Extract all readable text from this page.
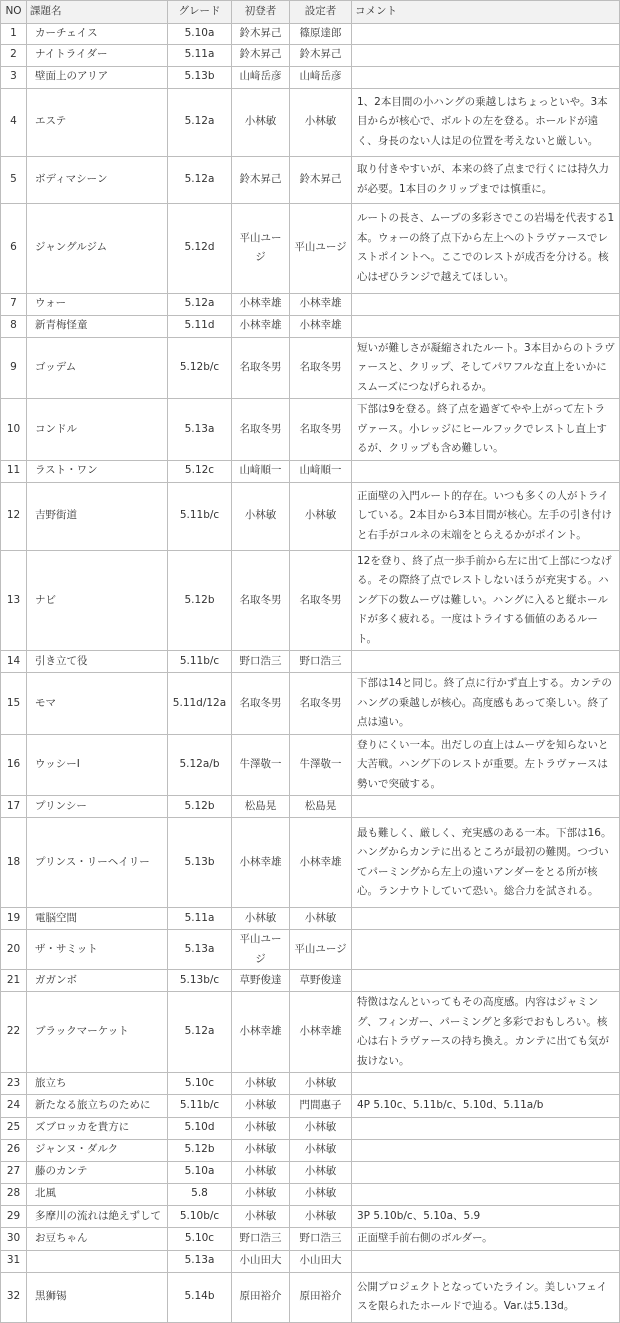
NO	課題名	グレード	初登者	設定者	コメント
1	カーチェイス	5.10a	鈴木昇己	篠原達郎	
2	ナイトライダー	5.11a	鈴木昇己	鈴木昇己	
3	壁面上のアリア	5.13b	山﨑岳彦	山﨑岳彦	
4	エステ	5.12a	小林敏	小林敏	1、2本目間の小ハングの乗越しはちょっといや。3本目からが核心で、ボルトの左を登る。ホールドが遠く、身長のない人は足の位置を考えないと厳しい。
5	ボディマシーン	5.12a	鈴木昇己	鈴木昇己	取り付きやすいが、本来の終了点まで行くには持久力が必要。1本目のクリップまでは慎重に。
6	ジャングルジム	5.12d	平山ユージ	平山ユージ	ルートの長さ、ムーブの多彩さでこの岩場を代表する1本。ウォーの終了点下から左上へのトラヴァースでレストポイントへ。ここでのレストが成否を分ける。核心はぜひランジで越えてほしい。
7	ウォー	5.12a	小林幸雄	小林幸雄	
8	新青梅怪童	5.11d	小林幸雄	小林幸雄	
9	ゴッデム	5.12b/c	名取冬男	名取冬男	短いが難しさが凝縮されたルート。3本目からのトラヴァースと、クリップ、そしてパワフルな直上をいかにスムーズにつなげられるか。
10	コンドル	5.13a	名取冬男	名取冬男	下部は9を登る。終了点を過ぎてやや上がって左トラヴァース。小レッジにヒールフックでレストし直上するが、クリップも含め難しい。
11	ラスト・ワン	5.12c	山﨑順一	山﨑順一	
12	吉野街道	5.11b/c	小林敏	小林敏	正面壁の入門ルート的存在。いつも多くの人がトライしている。2本目から3本目間が核心。左手の引き付けと右手がコルネの末端をとらえるかがポイント。
13	ナビ	5.12b	名取冬男	名取冬男	12を登り、終了点一歩手前から左に出て上部につなげる。その際終了点でレストしないほうが充実する。ハング下の数ムーヴは難しい。ハングに入ると縦ホールドが多く疲れる。一度はトライする価値のあるルート。
14	引き立て役	5.11b/c	野口浩三	野口浩三	
15	モマ	5.11d/12a	名取冬男	名取冬男	下部は14と同じ。終了点に行かず直上する。カンテのハングの乗越しが核心。高度感もあって楽しい。終了点は遠い。
16	ウッシーI	5.12a/b	牛澤敬一	牛澤敬一	登りにくい一本。出だしの直上はムーヴを知らないと大苦戦。ハング下のレストが重要。左トラヴァースは勢いで突破する。
17	プリンシー	5.12b	松島晃	松島晃	
18	プリンス・リーヘイリー	5.13b	小林幸雄	小林幸雄	最も難しく、厳しく、充実感のある一本。下部は16。ハングからカンテに出るところが最初の難関。つづいてパーミングから左上の遠いアンダーをとる所が核心。ランナウトしていて恐い。総合力を試される。
19	電脳空間	5.11a	小林敏	小林敏	
20	ザ・サミット	5.13a	平山ユージ	平山ユージ	
21	ガガンボ	5.13b/c	草野俊達	草野俊達	
22	ブラックマーケット	5.12a	小林幸雄	小林幸雄	特徴はなんといってもその高度感。内容はジャミング、フィンガー、パーミングと多彩でおもしろい。核心は右トラヴァースの持ち換え。カンテに出ても気が抜けない。
23	旅立ち	5.10c	小林敏	小林敏	
24	新たなる旅立ちのために	5.11b/c	小林敏	門間惠子	4P 5.10c、5.11b/c、5.10d、5.11a/b
25	ズブロッカを貴方に	5.10d	小林敏	小林敏	
26	ジャンヌ・ダルク	5.12b	小林敏	小林敏	
27	藤のカンテ	5.10a	小林敏	小林敏	
28	北風	5.8	小林敏	小林敏	
29	多摩川の流れは絶えずして	5.10b/c	小林敏	小林敏	3P 5.10b/c、5.10a、5.9
30	お豆ちゃん	5.10c	野口浩三	野口浩三	正面壁手前右側のボルダー。
31		5.13a	小山田大	小山田大	
32	黒狮锡	5.14b	原田裕介	原田裕介	公開プロジェクトとなっていたライン。美しいフェイスを限られたホールドで辿る。Var.は5.13d。
